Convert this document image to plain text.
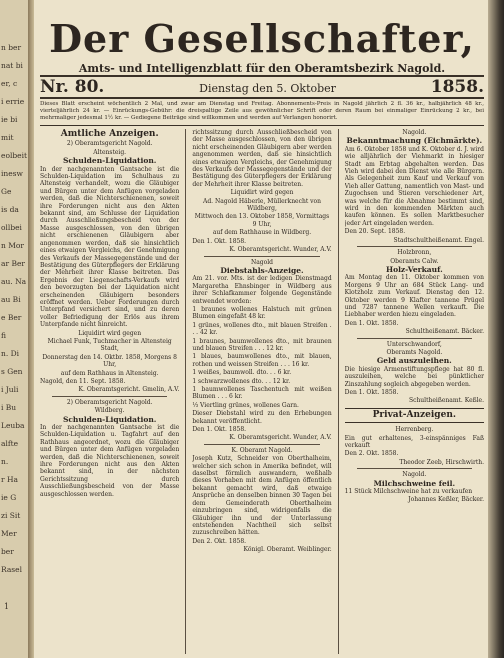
n ber
nat bi
er, c
i errie
ie bi
mit
eolbeit
inesw
Ge
is da
ollbei
n Mor
ar Ber
au. Na
au Bi
e Ber
fi
n. Di
s Gen
i Juli
i Bu
Leuba
alfte
n.
r Ha
ie G
zi Sit
Mer
ber
Rasel
Der Gesellschafter,
Amts- und Intelligenzblatt für den Oberamtsbezirk Nagold.
Nr. 80.	Dienstag den 5. Oktober	1858.
Dieses Blatt erscheint wöchentlich 2 Mal, und zwar am Dienstag und Freitag. Abonnements-Preis in Nagold jährlich 2 fl. 36 kr., halbjährlich 48 kr., vierteljährlich 24 kr. — Einrückungs-Gebühr: die dreispaltige Zeile aus gewöhnlicher Schrift oder deren Raum bei einmaliger Einrückung 2 kr., bei mehrmaliger jedesmal 1½ kr. — Gediegene Beiträge sind willkommen und werden auf Verlangen honorirt.
Amtliche Anzeigen.

2) Oberamtsgericht Nagold.

Altensteig.

Schulden-Liquidation.

In der nachgenannten Gantsache ist die Schulden-Liquidation im Schulhaus zu Altensteig verhandelt, wozu die Gläubiger und Bürgen unter dem Anfügen vorgeladen werden, daß die Nichterschienenen, soweit ihre Forderungen nicht aus den Akten bekannt sind, am Schlusse der Liquidation durch Ausschließungsbescheid von der Masse ausgeschlossen, von den übrigen nicht erschienenen Gläubigern aber angenommen werden, daß sie hinsichtlich eines etwaigen Vergleichs, der Genehmigung des Verkaufs der Massegegenstände und der Bestätigung des Güterpflegers der Erklärung der Mehrheit ihrer Klasse beitreten. Das Ergebnis der Liegenschafts-Verkaufs wird den bevorzugten bei der Liquidation nicht erscheinenden Gläubigern besonders eröffnet werden. Ueber Forderungen durch Unterpfand versichert sind, und zu deren voller Befriedigung der Erlös aus ihrem Unterpfande nicht hinreicht.

Liquidirt wird gegen

Michael Funk, Tuchmacher in Altensteig Stadt,

Donnerstag den 14. Oktbr. 1858, Morgens 8 Uhr,

auf dem Rathhaus in Altensteig.

Nagold, den 11. Sept. 1858.

K. Oberamtsgericht. Gmelin, A.V.

2) Oberamtsgericht Nagold.

Wildberg.

Schulden-Liquidation.

In der nachgenannten Gantsache ist die Schulden-Liquidation u. Tagfahrt auf den Rathhaus angeordnet, wozu die Gläubiger und Bürgen unter dem Anfügen vorgeladen werden, daß die Nichterschienenen, soweit ihre Forderungen nicht aus den Akten bekannt sind, in der nächsten Gerichtssitzung durch Ausschließungsbescheid von der Masse ausgeschlossen werden.

richtssitzung durch Ausschließbescheid von der Masse ausgeschlossen, von den übrigen nicht erscheinenden Gläubigern aber werden angenommen werden, daß sie hinsichtlich eines etwaigen Vergleichs, der Genehmigung des Verkaufs der Massegegenstände und der Bestätigung des Güterpflegers der Erklärung der Mehrheit ihrer Klasse beitreten.

Liquidirt wird gegen

Ad. Nagold Häberle, Müllerknecht von Wildberg,

Mittwoch den 13. Oktober 1858, Vormittags 9 Uhr,

auf dem Rathhause in Wildberg.

Den 1. Okt. 1858.

K. Oberamtsgericht. Wunder, A.V.

Nagold

Diebstahls-Anzeige.

Am 21. vor. Mts. ist der ledigen Dienstmagd Margaretha Ehnsbinger in Wildberg aus ihrer Schlafkammer folgende Gegenstände entwendet worden:

1 braunes wollenes Halstuch mit grünen Blumen eingefaßt 48 kr.

1 grünes, wollenes dto., mit blauen Streifen . . . 42 kr.

1 braunes, baumwollenes dto., mit braunen und blauen Streifen . . . 12 kr.

1 blaues, baumwollenes dto., mit blauen, rothen und weissen Streifen . . . 16 kr.

1 weißes, baumwoll. dto. . . 6 kr.

1 schwarzwollenes dto. . . 12 kr.

1 baumwollenes Taschentuch mit weißen Blumen . . . 6 kr.

⅓ Viertling grünes, wollenes Garn.

Dieser Diebstahl wird zu den Erhebungen bekannt veröffentlicht.

Den 1. Okt. 1858.

K. Oberamtsgericht. Wunder, A.V.

K. Oberamt Nagold.

Joseph Kutz, Schneider von Oberthalheim, welcher sich schon in Amerika befindet, will daselbst förmlich auswandern, weßhalb dieses Vorhaben mit dem Anfügen öffentlich bekannt gemacht wird, daß etwaige Ansprüche an denselben binnen 30 Tagen bei dem Gemeinderath Oberthalheim einzubringen sind, widrigenfalls die Gläubiger ihn und der Unterlassung entstehenden Nachtheil sich selbst zuzuschreiben hätten.

Den 2. Okt. 1858.

Königl. Oberamt. Weiblinger.

Nagold.

Bekanntmachung (Eichmärkte).

Am 6. Oktober 1858 und K. Oktober d. J. wird wie alljährlich der Viehmarkt in hiesiger Stadt am Erbtag abgehalten werden. Das Vieh wird dabei den Dienst wie alle Bürgern. Als Gelegenheit zum Kauf und Verkauf von Vieh aller Gattung, namentlich von Mast- und Zugochsen und Stieren verschiedener Art, was welche für die Abnahme bestimmt sind, wird in den kommenden Märkten auch kaufen können. Es sollen Marktbesucher jeder Art eingeladen werden.

Den 20. Sept. 1858.

Stadtschultheißenamt. Engel.

Holzbronn,

Oberamts Calw.

Holz-Verkauf.

Am Montag den 11. Oktober kommen von Morgens 9 Uhr an 684 Stück Lang- und Klotzholz zum Verkauf. Dienstag den 12. Oktober werden 9 Klafter tannene Prügel und 7287 tannene Wellen verkauft. Die Liebhaber werden hiezu eingeladen.

Den 1. Okt. 1858.

Schultheißenamt. Bäcker.

Unterschwandorf,

Oberamts Nagold.

Geld auszuleihen.

Die hiesige Armenstiftungspflege hat 80 fl. auszuleihen, welche bei pünktlicher Zinszahlung sogleich abgegeben werden.

Den 1. Okt. 1858.

Schultheißenamt. Keßle.

Privat-Anzeigen.

Herrenberg.

Ein gut erhaltenes, 3-einspänniges Faß verkauft

Den 2. Okt. 1858.

Theodor Zeeb, Hirschwirth.

Nagold.

Milchschweine feil.

11 Stück Milchschweine hat zu verkaufen

Johannes Keßler, Bäcker.

1
